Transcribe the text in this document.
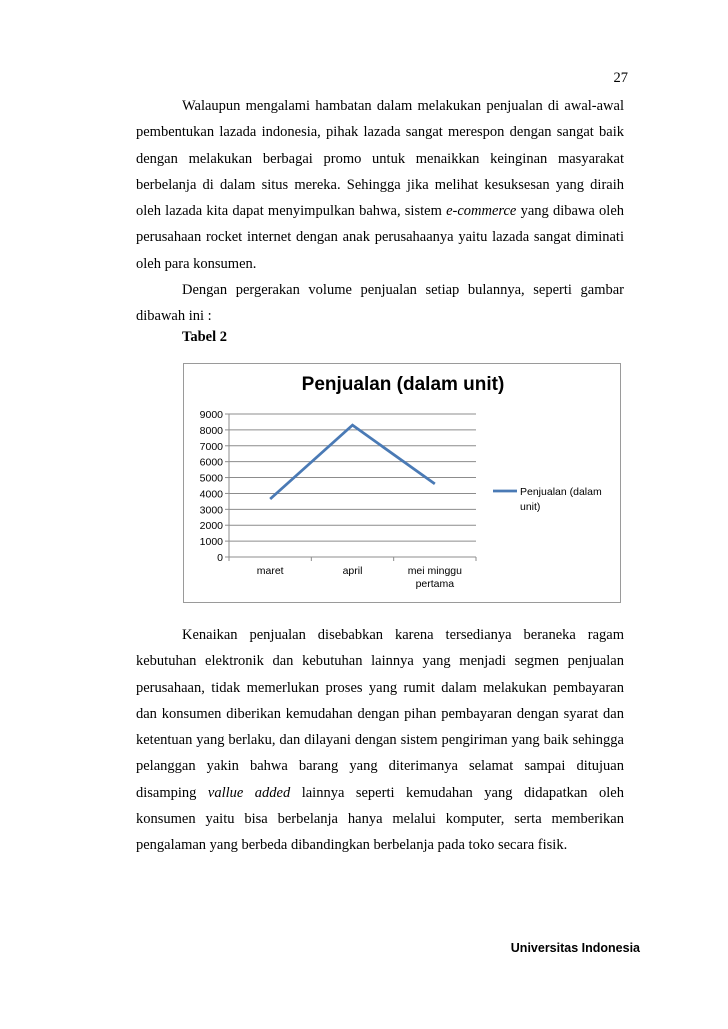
27

Walaupun mengalami hambatan dalam melakukan penjualan di awal-awal pembentukan lazada indonesia, pihak lazada sangat merespon dengan sangat baik dengan melakukan berbagai promo untuk menaikkan keinginan masyarakat berbelanja di dalam situs mereka. Sehingga jika melihat kesuksesan yang diraih oleh lazada kita dapat menyimpulkan bahwa, sistem e-commerce yang dibawa oleh perusahaan rocket internet dengan anak perusahaanya yaitu lazada sangat diminati oleh para konsumen.

Dengan pergerakan volume penjualan setiap bulannya, seperti gambar dibawah ini :

Tabel 2
Penjualan (dalam unit)
0
1000
2000
3000
4000
5000
6000
7000
8000
9000
maret	april	mei minggu pertama
Penjualan (dalam unit)

Kenaikan penjualan disebabkan karena tersedianya beraneka ragam kebutuhan elektronik dan kebutuhan lainnya yang menjadi segmen penjualan perusahaan, tidak memerlukan proses yang rumit dalam melakukan pembayaran dan konsumen diberikan kemudahan dengan pihan pembayaran dengan syarat dan ketentuan yang berlaku, dan dilayani dengan sistem pengiriman yang baik sehingga pelanggan yakin bahwa barang yang diterimanya selamat sampai ditujuan disamping vallue added lainnya seperti kemudahan yang didapatkan oleh konsumen yaitu bisa berbelanja hanya melalui komputer, serta memberikan pengalaman yang berbeda dibandingkan berbelanja pada toko secara fisik.

Universitas Indonesia
